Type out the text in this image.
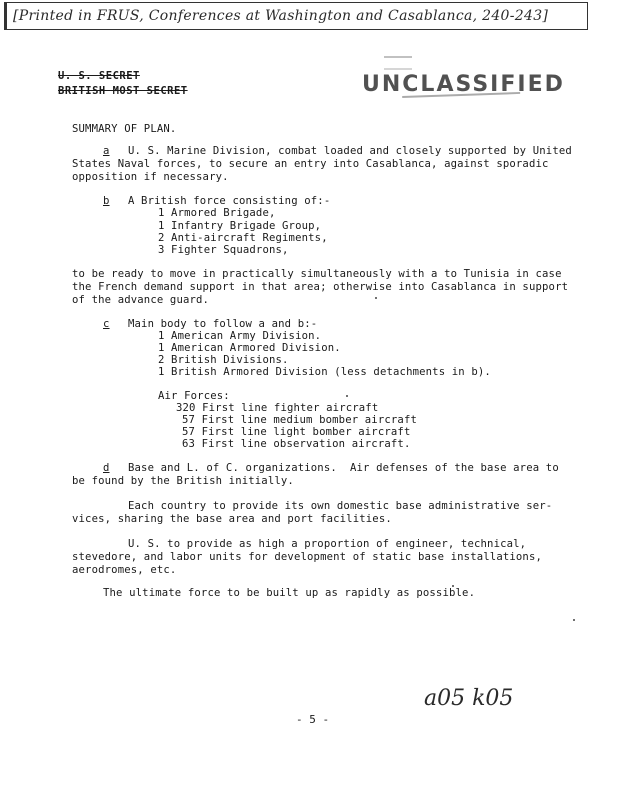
[Printed in FRUS, Conferences at Washington and Casablanca, 240-243]
U. S. SECRET
BRITISH MOST SECRET	UNCLASSIFIED
SUMMARY OF PLAN.
a U. S. Marine Division, combat loaded and closely supported by United
States Naval forces, to secure an entry into Casablanca, against sporadic
opposition if necessary.
b A British force consisting of:-
1 Armored Brigade,
1 Infantry Brigade Group,
2 Anti-aircraft Regiments,
3 Fighter Squadrons,
to be ready to move in practically simultaneously with a to Tunisia in case
the French demand support in that area; otherwise into Casablanca in support
of the advance guard.
c Main body to follow a and b:-
1 American Army Division.
1 American Armored Division.
2 British Divisions.
1 British Armored Division (less detachments in b).
Air Forces:
320 First line fighter aircraft
57 First line medium bomber aircraft
57 First line light bomber aircraft
63 First line observation aircraft.
d Base and L. of C. organizations.  Air defenses of the base area to
be found by the British initially.
Each country to provide its own domestic base administrative ser-
vices, sharing the base area and port facilities.
U. S. to provide as high a proportion of engineer, technical,
stevedore, and labor units for development of static base installations,
aerodromes, etc.
The ultimate force to be built up as rapidly as possible.
a05 k05
- 5 -
